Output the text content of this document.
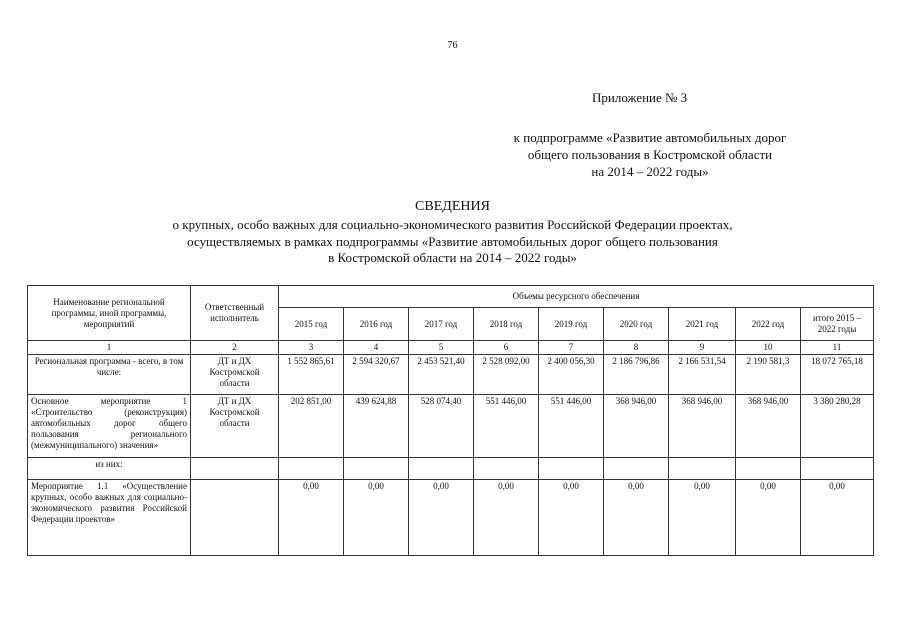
76
Приложение № 3
к подпрограмме «Развитие автомобильных дорог
общего пользования в Костромской области
на 2014 – 2022 годы»
СВЕДЕНИЯ
о крупных, особо важных для социально-экономического развития Российской Федерации проектах,
осуществляемых в рамках подпрограммы «Развитие автомобильных дорог общего пользования
в Костромской области на 2014 – 2022 годы»
Наименование региональной программы, иной программы, мероприятий	Ответственный исполнитель	Объемы ресурсного обеспечения								
		2015 год	2016 год	2017 год	2018 год	2019 год	2020 год	2021 год	2022 год	итого 2015 – 2022 годы
1	2	3	4	5	6	7	8	9	10	11
Региональная программа - всего, в том числе:	ДТ и ДХ Костромской области	1 552 865,61	2 594 320,67	2 453 521,40	2 528 092,00	2 400 056,30	2 186 796,86	2 166 531,54	2 190 581,3	18 072 765,18
Основное мероприятие 1 «Строительство (реконструкция) автомобильных дорог общего пользования регионального (межмуниципального) значения»	ДТ и ДХ Костромской области	202 851,00	439 624,88	528 074,40	551 446,00	551 446,00	368 946,00	368 946,00	368 946,00	3 380 280,28
из них:										
Мероприятие 1.1 «Осуществление крупных, особо важных для социально-экономического развития Российской Федерации проектов»		0,00	0,00	0,00	0,00	0,00	0,00	0,00	0,00	0,00
